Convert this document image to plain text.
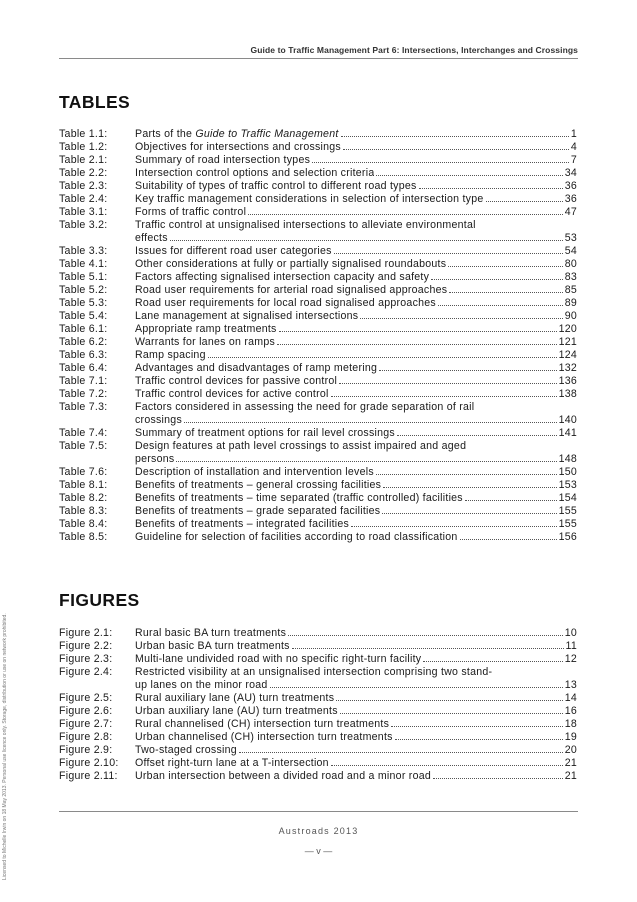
Guide to Traffic Management Part 6: Intersections, Interchanges and Crossings
Licensed to Michelle Irwin on 18 May 2013. Personal use licence only. Storage, distribution or use on network prohibited.
TABLES
Table 1.1:	Parts of the Guide to Traffic Management	1
Table 1.2:	Objectives for intersections and crossings	4
Table 2.1:	Summary of road intersection types	7
Table 2.2:	Intersection control options and selection criteria	34
Table 2.3:	Suitability of types of traffic control to different road types	36
Table 2.4:	Key traffic management considerations in selection of intersection type	36
Table 3.1:	Forms of traffic control	47
Table 3.2:	Traffic control at unsignalised intersections to alleviate environmental
effects	53
Table 3.3:	Issues for different road user categories	54
Table 4.1:	Other considerations at fully or partially signalised roundabouts	80
Table 5.1:	Factors affecting signalised intersection capacity and safety	83
Table 5.2:	Road user requirements for arterial road signalised approaches	85
Table 5.3:	Road user requirements for local road signalised approaches	89
Table 5.4:	Lane management at signalised intersections	90
Table 6.1:	Appropriate ramp treatments	120
Table 6.2:	Warrants for lanes on ramps	121
Table 6.3:	Ramp spacing	124
Table 6.4:	Advantages and disadvantages of ramp metering	132
Table 7.1:	Traffic control devices for passive control	136
Table 7.2:	Traffic control devices for active control	138
Table 7.3:	Factors considered in assessing the need for grade separation of rail
crossings	140
Table 7.4:	Summary of treatment options for rail level crossings	141
Table 7.5:	Design features at path level crossings to assist impaired and aged
persons	148
Table 7.6:	Description of installation and intervention levels	150
Table 8.1:	Benefits of treatments – general crossing facilities	153
Table 8.2:	Benefits of treatments – time separated (traffic controlled) facilities	154
Table 8.3:	Benefits of treatments – grade separated facilities	155
Table 8.4:	Benefits of treatments – integrated facilities	155
Table 8.5:	Guideline for selection of facilities according to road classification	156
FIGURES
Figure 2.1:	Rural basic BA turn treatments	10
Figure 2.2:	Urban basic BA turn treatments	11
Figure 2.3:	Multi-lane undivided road with no specific right-turn facility	12
Figure 2.4:	Restricted visibility at an unsignalised intersection comprising two stand-
up lanes on the minor road	13
Figure 2.5:	Rural auxiliary lane (AU) turn treatments	14
Figure 2.6:	Urban auxiliary lane (AU) turn treatments	16
Figure 2.7:	Rural channelised (CH) intersection turn treatments	18
Figure 2.8:	Urban channelised (CH) intersection turn treatments	19
Figure 2.9:	Two-staged crossing	20
Figure 2.10:	Offset right-turn lane at a T-intersection	21
Figure 2.11:	Urban intersection between a divided road and a minor road	21
Austroads 2013
— v —
